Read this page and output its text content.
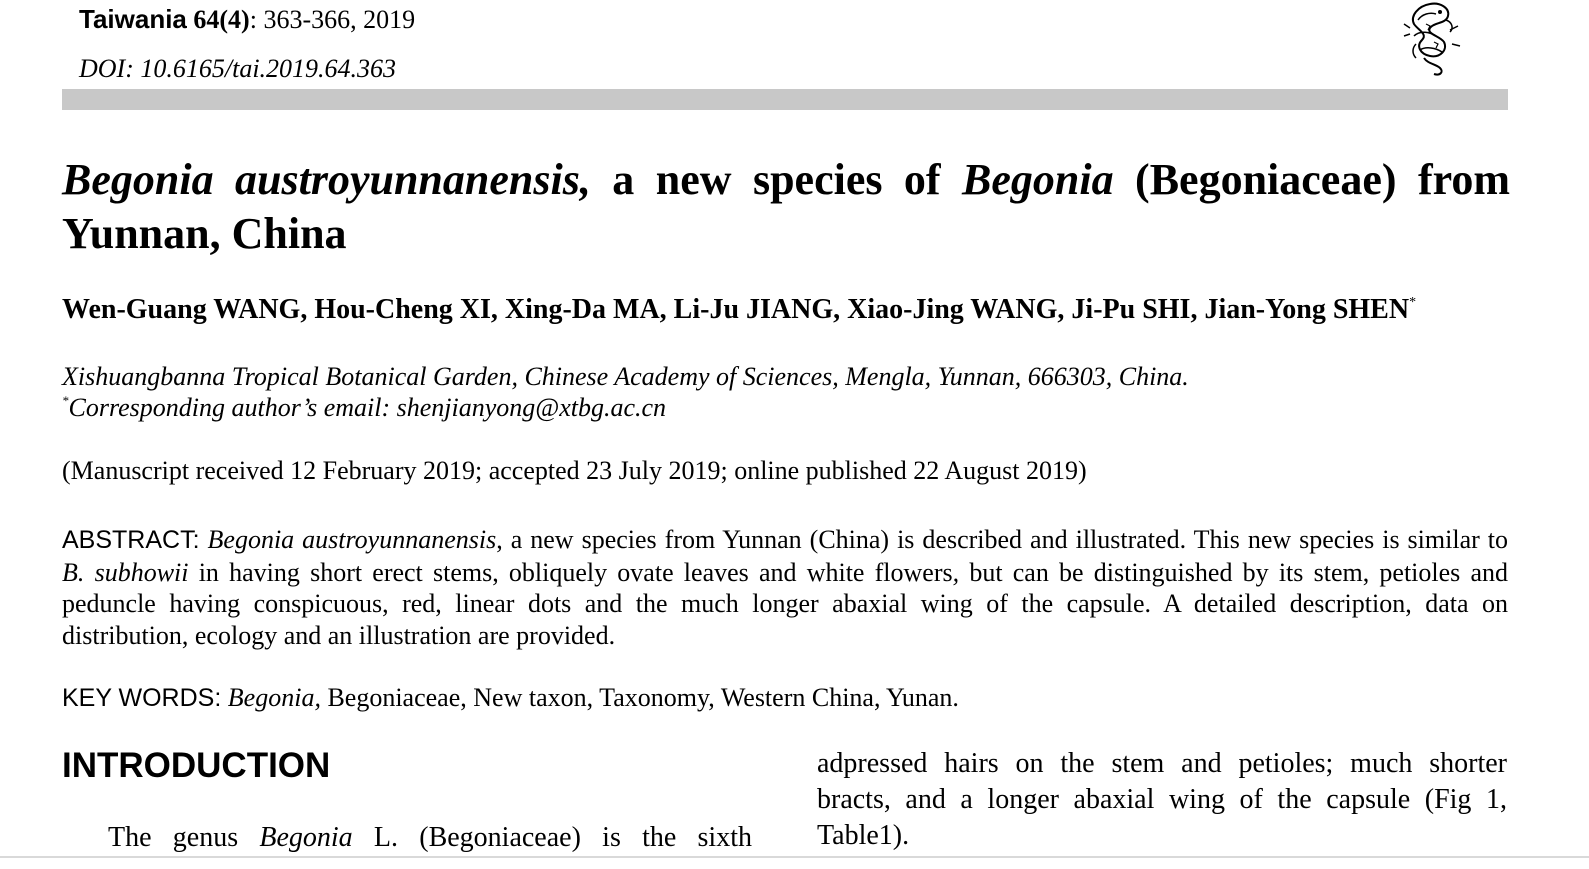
Taiwania 64(4): 363-366, 2019
DOI: 10.6165/tai.2019.64.363
Begonia austroyunnanensis, a new species of Begonia (Begoniaceae) from Yunnan, China
Wen-Guang WANG, Hou-Cheng XI, Xing-Da MA, Li-Ju JIANG, Xiao-Jing WANG, Ji-Pu SHI, Jian-Yong SHEN*
Xishuangbanna Tropical Botanical Garden, Chinese Academy of Sciences, Mengla, Yunnan, 666303, China.
*Corresponding author’s email: shenjianyong@xtbg.ac.cn
(Manuscript received 12 February 2019; accepted 23 July 2019; online published 22 August 2019)
ABSTRACT: Begonia austroyunnanensis, a new species from Yunnan (China) is described and illustrated. This new species is similar to B. subhowii in having short erect stems, obliquely ovate leaves and white flowers, but can be distinguished by its stem, petioles and peduncle having conspicuous, red, linear dots and the much longer abaxial wing of the capsule. A detailed description, data on distribution, ecology and an illustration are provided.
KEY WORDS: Begonia, Begoniaceae, New taxon, Taxonomy, Western China, Yunan.
INTRODUCTION
The genus Begonia L. (Begoniaceae) is the sixth
adpressed hairs on the stem and petioles; much shorter bracts, and a longer abaxial wing of the capsule (Fig 1, Table1).
